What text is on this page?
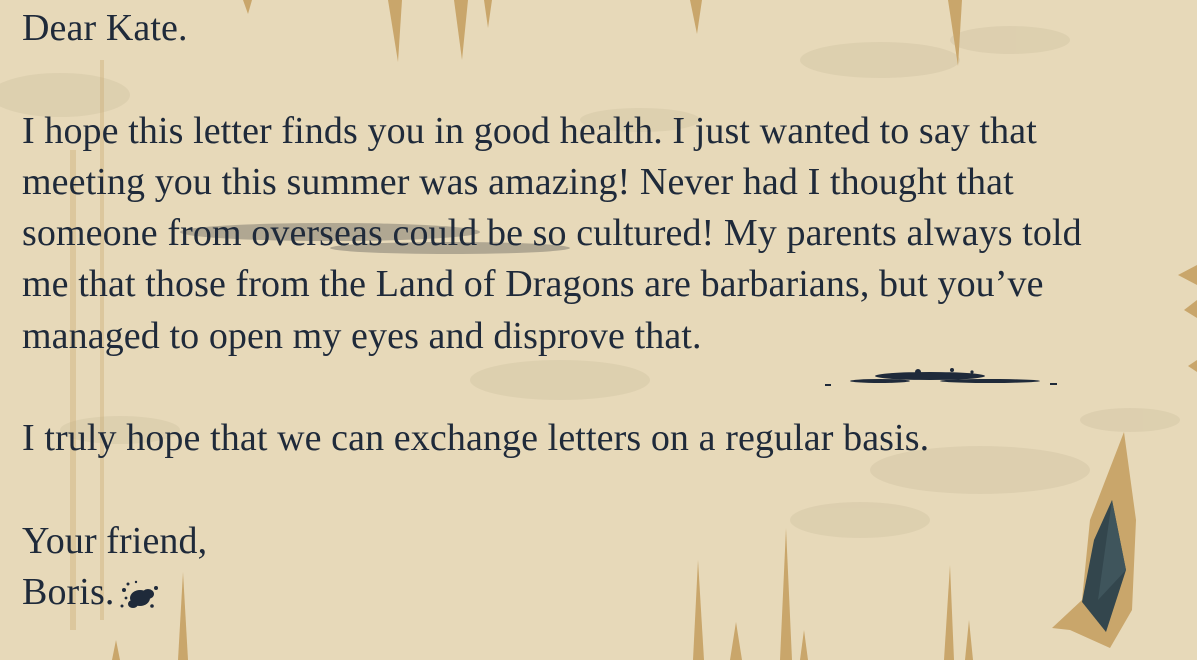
Dear Kate.

I hope this letter finds you in good health. I just wanted to say that

meeting you this summer was amazing! Never had I thought that

someone from overseas could be so cultured! My parents always told

me that those from the Land of Dragons are barbarians, but you’ve

managed to open my eyes and disprove that.

I truly hope that we can exchange letters on a regular basis.

Your friend,

Boris.
